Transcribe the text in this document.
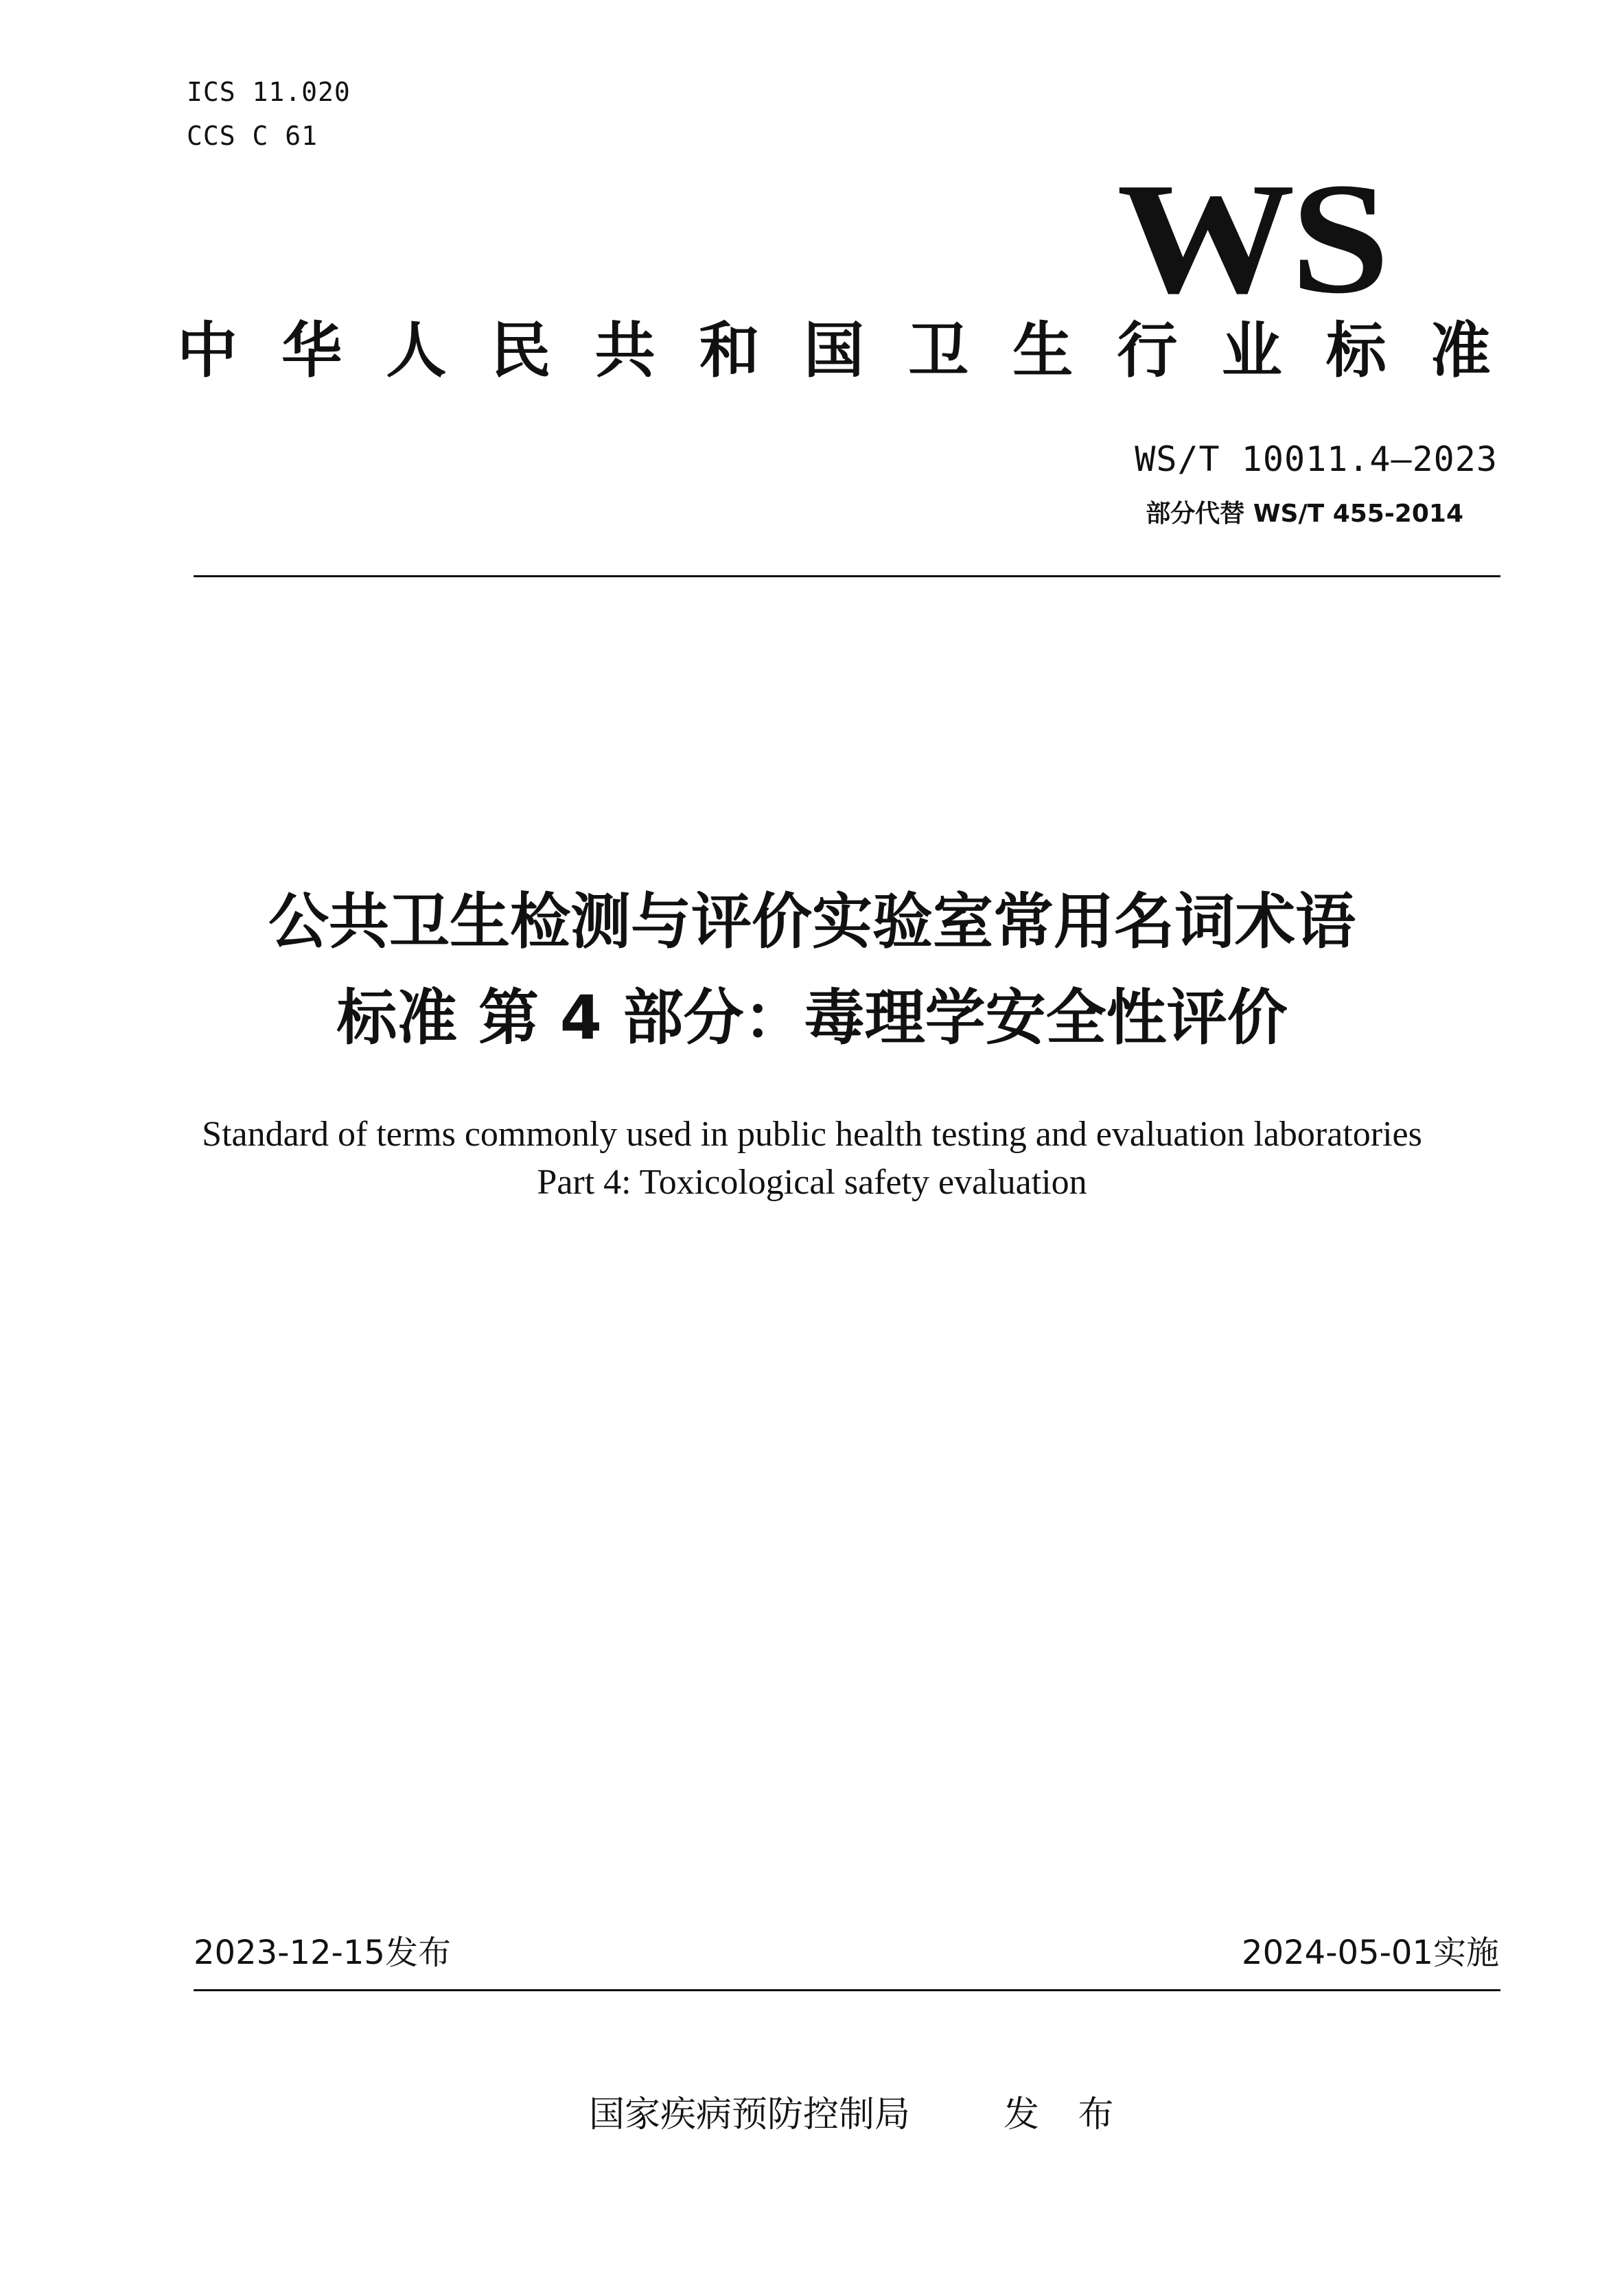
ICS 11.020
CCS C 61
WS
中 华 人 民 共 和 国 卫 生 行 业 标 准
WS/T 10011.4—2023
部分代替 WS/T 455-2014
公共卫生检测与评价实验室常用名词术语
标准 第 4 部分：毒理学安全性评价
Standard of terms commonly used in public health testing and evaluation laboratories
Part 4: Toxicological safety evaluation
2023-12-15发布	2024-05-01实施
国家疾病预防控制局	发 布
